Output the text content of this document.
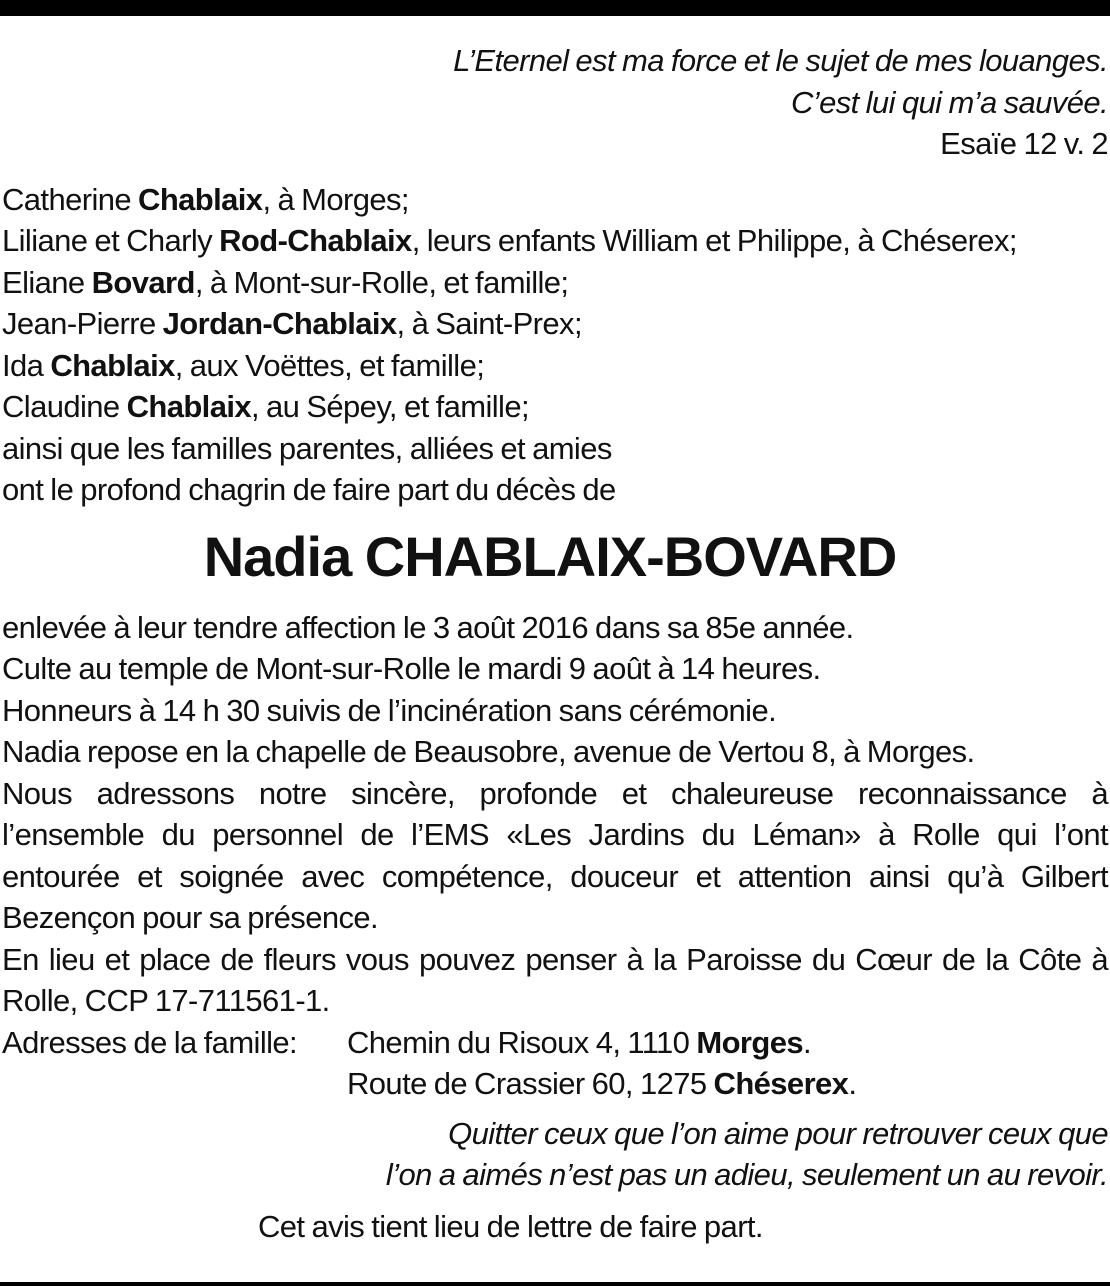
L’Eternel est ma force et le sujet de mes louanges.
C’est lui qui m’a sauvée.
Esaïe 12 v. 2
Catherine Chablaix, à Morges;
Liliane et Charly Rod-Chablaix, leurs enfants William et Philippe, à Chéserex;
Eliane Bovard, à Mont-sur-Rolle, et famille;
Jean-Pierre Jordan-Chablaix, à Saint-Prex;
Ida Chablaix, aux Voëttes, et famille;
Claudine Chablaix, au Sépey, et famille;
ainsi que les familles parentes, alliées et amies
ont le profond chagrin de faire part du décès de
Nadia CHABLAIX-BOVARD
enlevée à leur tendre affection le 3 août 2016 dans sa 85e année.
Culte au temple de Mont-sur-Rolle le mardi 9 août à 14 heures.
Honneurs à 14 h 30 suivis de l’incinération sans cérémonie.
Nadia repose en la chapelle de Beausobre, avenue de Vertou 8, à Morges.
Nous adressons notre sincère, profonde et chaleureuse reconnaissance à l’ensemble du personnel de l’EMS «Les Jardins du Léman» à Rolle qui l’ont entourée et soignée avec compétence, douceur et attention ainsi qu’à Gilbert Bezençon pour sa présence.
En lieu et place de fleurs vous pouvez penser à la Paroisse du Cœur de la Côte à Rolle, CCP 17-711561-1.
Adresses de la famille:	Chemin du Risoux 4, 1110 Morges.
Route de Crassier 60, 1275 Chéserex.
Quitter ceux que l’on aime pour retrouver ceux que
l’on a aimés n’est pas un adieu, seulement un au revoir.
Cet avis tient lieu de lettre de faire part.
